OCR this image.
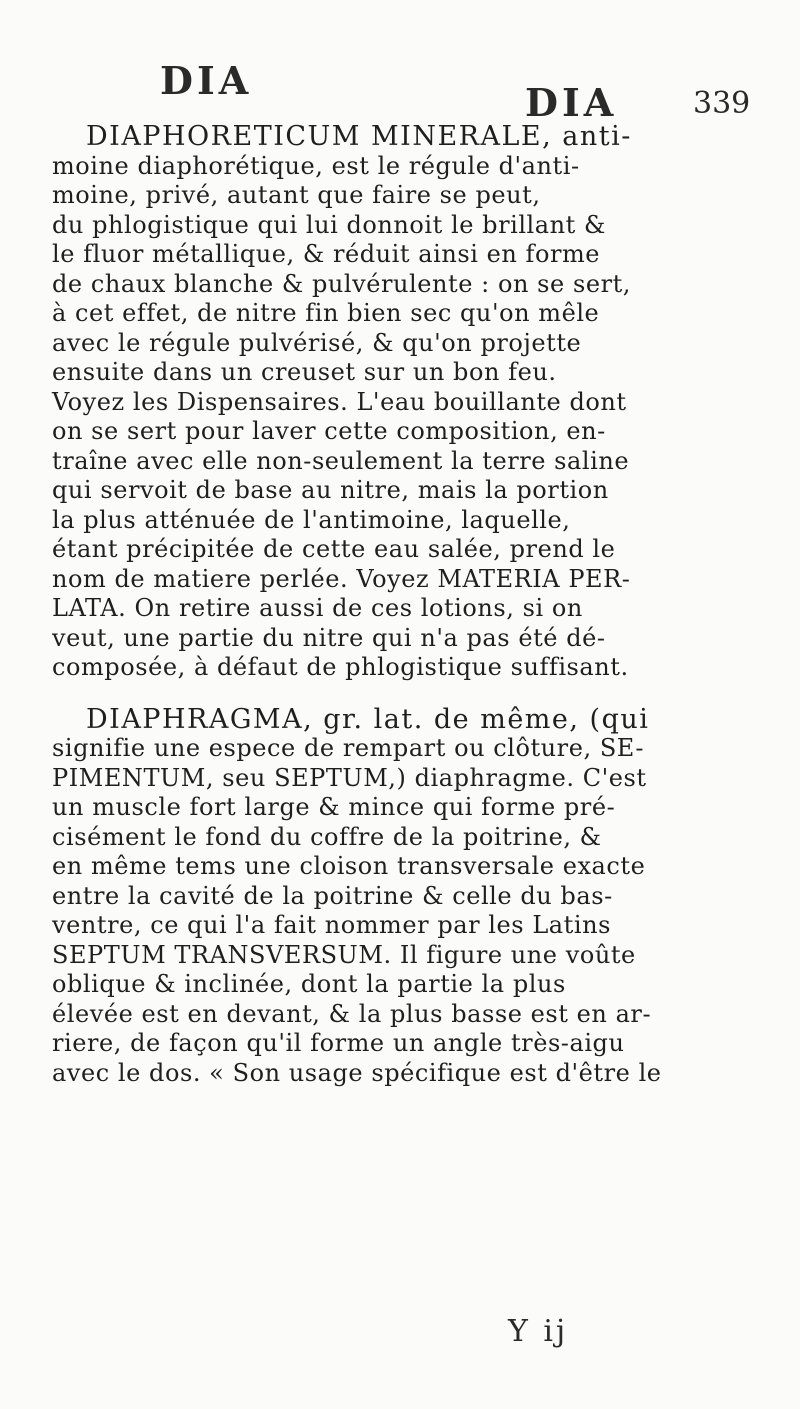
DIA	DIA	339

DIAPHORETICUM MINERALE, anti-
moine diaphorétique, est le régule d'anti-
moine, privé, autant que faire se peut,
du phlogistique qui lui donnoit le brillant &
le fluor métallique, & réduit ainsi en forme
de chaux blanche & pulvérulente : on se sert,
à cet effet, de nitre fin bien sec qu'on mêle
avec le régule pulvérisé, & qu'on projette
ensuite dans un creuset sur un bon feu.
Voyez les Dispensaires. L'eau bouillante dont
on se sert pour laver cette composition, en-
traîne avec elle non-seulement la terre saline
qui servoit de base au nitre, mais la portion
la plus atténuée de l'antimoine, laquelle,
étant précipitée de cette eau salée, prend le
nom de matiere perlée. Voyez MATERIA PER-
LATA. On retire aussi de ces lotions, si on
veut, une partie du nitre qui n'a pas été dé-
composée, à défaut de phlogistique suffisant.

DIAPHRAGMA, gr. lat. de même, (qui
signifie une espece de rempart ou clôture, SE-
PIMENTUM, seu SEPTUM,) diaphragme. C'est
un muscle fort large & mince qui forme pré-
cisément le fond du coffre de la poitrine, &
en même tems une cloison transversale exacte
entre la cavité de la poitrine & celle du bas-
ventre, ce qui l'a fait nommer par les Latins
SEPTUM TRANSVERSUM. Il figure une voûte
oblique & inclinée, dont la partie la plus
élevée est en devant, & la plus basse est en ar-
riere, de façon qu'il forme un angle très-aigu
avec le dos. « Son usage spécifique est d'être le

Y ij
